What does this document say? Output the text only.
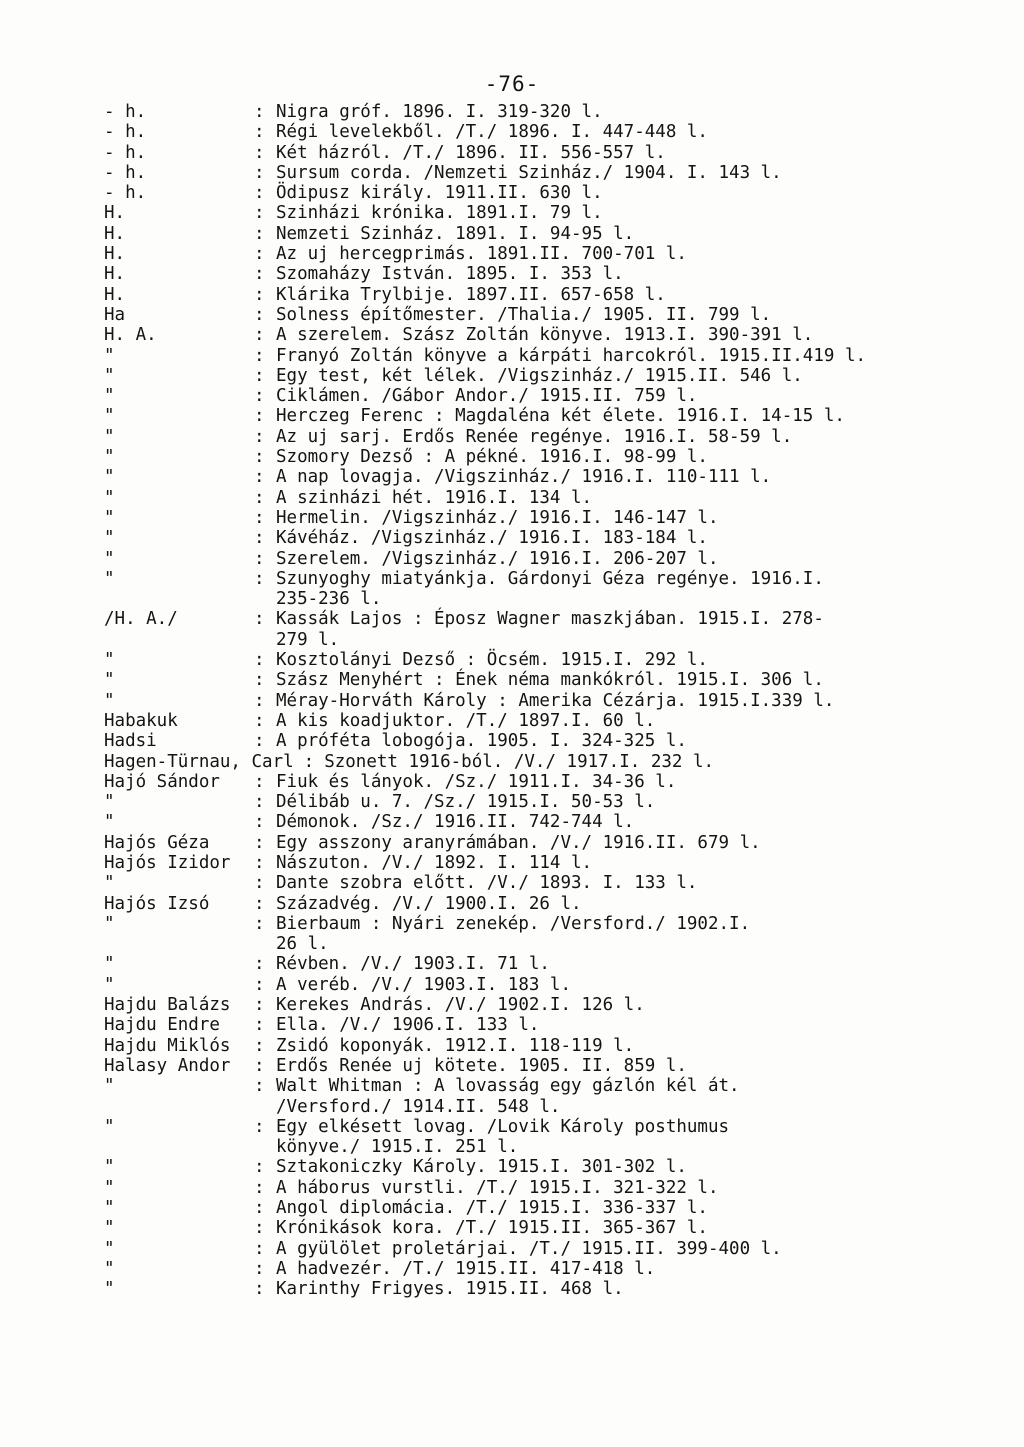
-76-
- h.	: Nigra gróf. 1896. I. 319-320 l.
- h.	: Régi levelekből. /T./ 1896. I. 447-448 l.
- h.	: Két házról. /T./ 1896. II. 556-557 l.
- h.	: Sursum corda. /Nemzeti Szinház./ 1904. I. 143 l.
- h.	: Ödipusz király. 1911.II. 630 l.
H.	: Szinházi krónika. 1891.I. 79 l.
H.	: Nemzeti Szinház. 1891. I. 94-95 l.
H.	: Az uj hercegprimás. 1891.II. 700-701 l.
H.	: Szomaházy István. 1895. I. 353 l.
H.	: Klárika Trylbije. 1897.II. 657-658 l.
Ha	: Solness építőmester. /Thalia./ 1905. II. 799 l.
H. A.	: A szerelem. Szász Zoltán könyve. 1913.I. 390-391 l.
"	: Franyó Zoltán könyve a kárpáti harcokról. 1915.II.419 l.
"	: Egy test, két lélek. /Vigszinház./ 1915.II. 546 l.
"	: Ciklámen. /Gábor Andor./ 1915.II. 759 l.
"	: Herczeg Ferenc : Magdaléna két élete. 1916.I. 14-15 l.
"	: Az uj sarj. Erdős Renée regénye. 1916.I. 58-59 l.
"	: Szomory Dezső : A pékné. 1916.I. 98-99 l.
"	: A nap lovagja. /Vigszinház./ 1916.I. 110-111 l.
"	: A szinházi hét. 1916.I. 134 l.
"	: Hermelin. /Vigszinház./ 1916.I. 146-147 l.
"	: Kávéház. /Vigszinház./ 1916.I. 183-184 l.
"	: Szerelem. /Vigszinház./ 1916.I. 206-207 l.
"	: Szunyoghy miatyánkja. Gárdonyi Géza regénye. 1916.I.
235-236 l.
/H. A./	: Kassák Lajos : Éposz Wagner maszkjában. 1915.I. 278-
279 l.
"	: Kosztolányi Dezső : Öcsém. 1915.I. 292 l.
"	: Szász Menyhért : Ének néma mankókról. 1915.I. 306 l.
"	: Méray-Horváth Károly : Amerika Cézárja. 1915.I.339 l.
Habakuk	: A kis koadjuktor. /T./ 1897.I. 60 l.
Hadsi	: A próféta lobogója. 1905. I. 324-325 l.
Hagen-Türnau, Carl : Szonett 1916-ból. /V./ 1917.I. 232 l.
Hajó Sándor	: Fiuk és lányok. /Sz./ 1911.I. 34-36 l.
"	: Délibáb u. 7. /Sz./ 1915.I. 50-53 l.
"	: Démonok. /Sz./ 1916.II. 742-744 l.
Hajós Géza	: Egy asszony aranyrámában. /V./ 1916.II. 679 l.
Hajós Izidor	: Nászuton. /V./ 1892. I. 114 l.
"	: Dante szobra előtt. /V./ 1893. I. 133 l.
Hajós Izsó	: Századvég. /V./ 1900.I. 26 l.
"	: Bierbaum : Nyári zenekép. /Versford./ 1902.I.
26 l.
"	: Révben. /V./ 1903.I. 71 l.
"	: A veréb. /V./ 1903.I. 183 l.
Hajdu Balázs	: Kerekes András. /V./ 1902.I. 126 l.
Hajdu Endre	: Ella. /V./ 1906.I. 133 l.
Hajdu Miklós	: Zsidó koponyák. 1912.I. 118-119 l.
Halasy Andor	: Erdős Renée uj kötete. 1905. II. 859 l.
"	: Walt Whitman : A lovasság egy gázlón kél át.
/Versford./ 1914.II. 548 l.
"	: Egy elkésett lovag. /Lovik Károly posthumus
könyve./ 1915.I. 251 l.
"	: Sztakoniczky Károly. 1915.I. 301-302 l.
"	: A háborus vurstli. /T./ 1915.I. 321-322 l.
"	: Angol diplomácia. /T./ 1915.I. 336-337 l.
"	: Krónikások kora. /T./ 1915.II. 365-367 l.
"	: A gyülölet proletárjai. /T./ 1915.II. 399-400 l.
"	: A hadvezér. /T./ 1915.II. 417-418 l.
"	: Karinthy Frigyes. 1915.II. 468 l.
